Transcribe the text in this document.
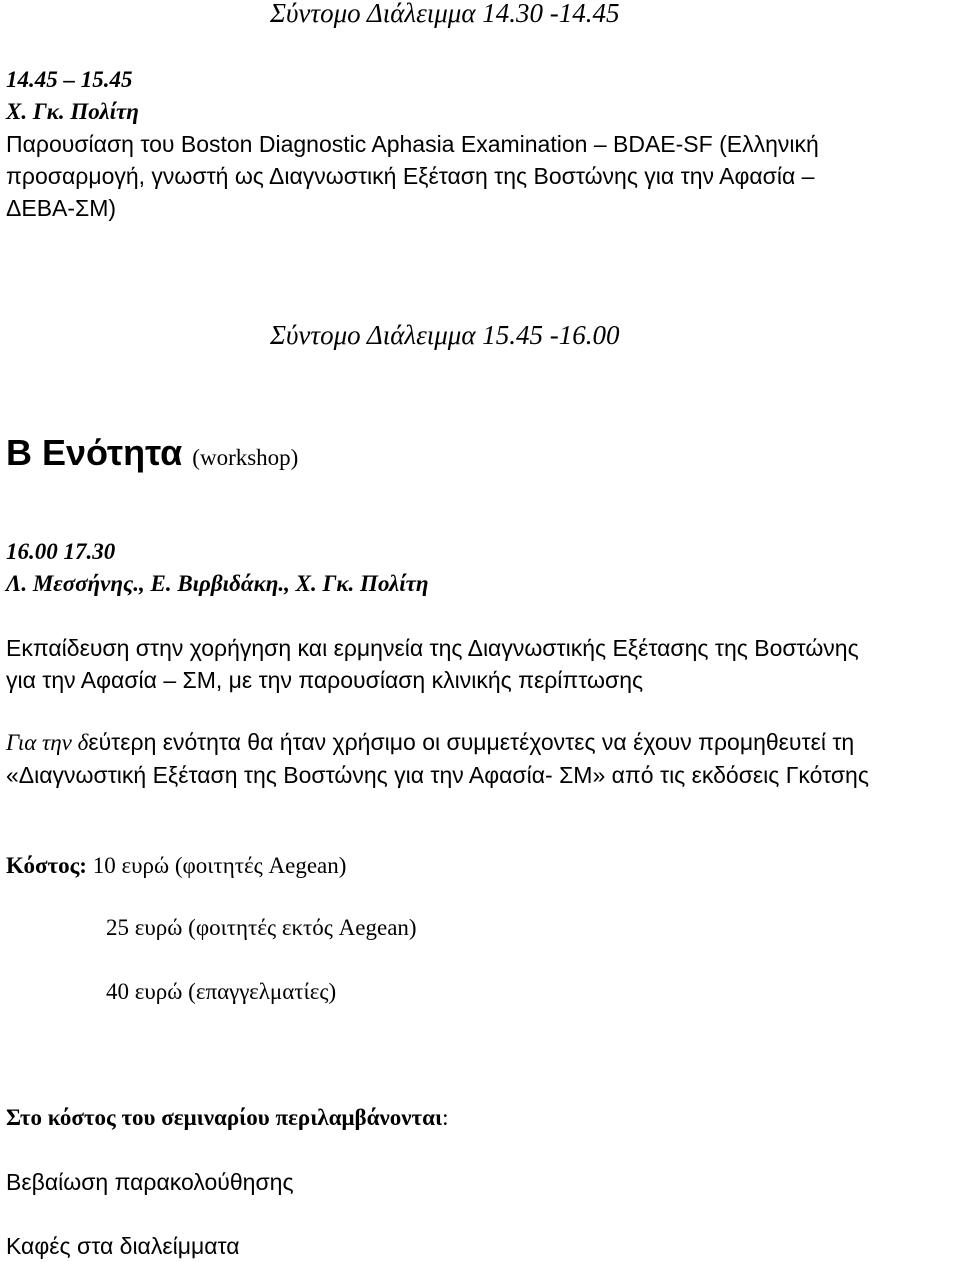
Σύντομο Διάλειμμα 14.30 -14.45
14.45 – 15.45
Χ. Γκ. Πολίτη
Παρουσίαση του Boston Diagnostic Aphasia Examination – BDAE-SF (Ελληνική
προσαρμογή, γνωστή ως Διαγνωστική Εξέταση της Βοστώνης για την Αφασία –
ΔΕΒΑ-ΣΜ)
Σύντομο Διάλειμμα 15.45 -16.00
Β Ενότητα (workshop)
16.00 17.30
Λ. Μεσσήνης., Ε. Βιρβιδάκη., Χ. Γκ. Πολίτη
Εκπαίδευση στην χορήγηση και ερμηνεία της Διαγνωστικής Εξέτασης της Βοστώνης
για την Αφασία – ΣΜ, με την παρουσίαση κλινικής περίπτωσης
Για την δεύτερη ενότητα θα ήταν χρήσιμο οι συμμετέχοντες να έχουν προμηθευτεί τη
«Διαγνωστική Εξέταση της Βοστώνης για την Αφασία- ΣΜ» από τις εκδόσεις Γκότσης
Κόστος: 10 ευρώ (φοιτητές Aegean)
25 ευρώ (φοιτητές εκτός Aegean)
40 ευρώ (επαγγελματίες)
Στο κόστος του σεμιναρίου περιλαμβάνονται:
Βεβαίωση παρακολούθησης
Καφές στα διαλείμματα
